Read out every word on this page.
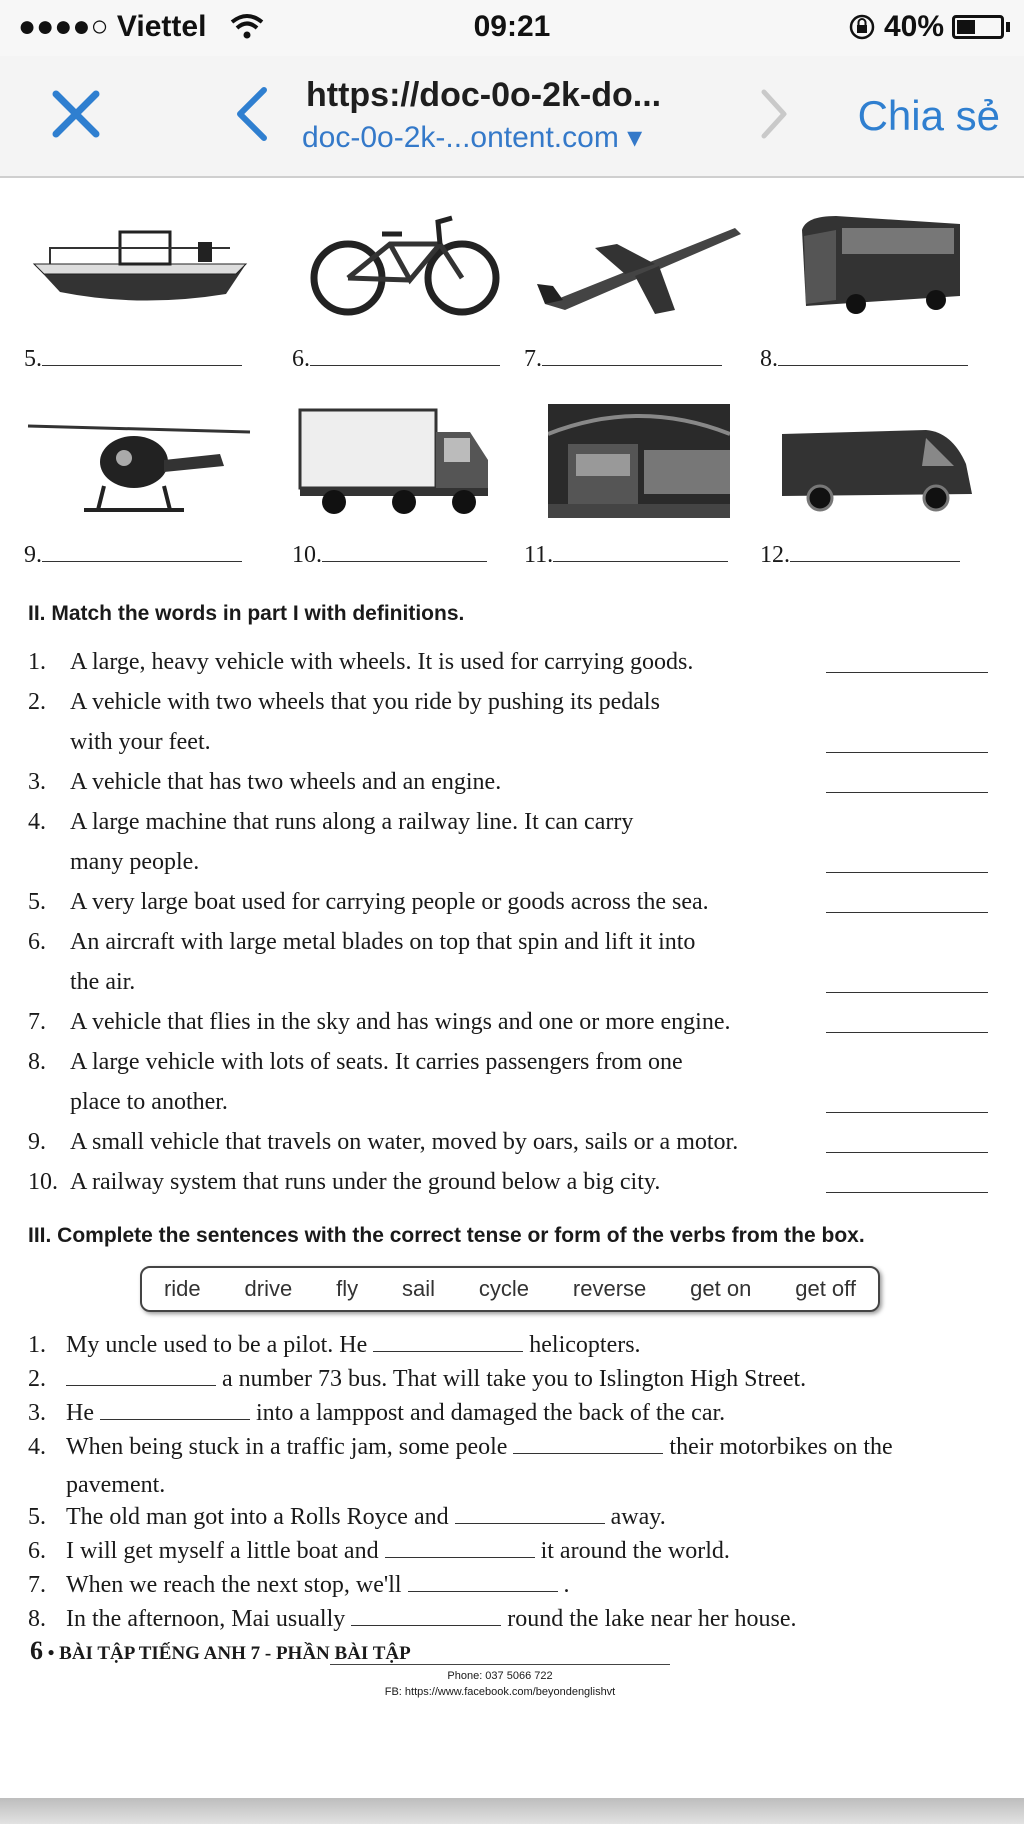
●●●●○ Viettel	09:21	40%
https://doc-0o-2k-do...
doc-0o-2k-...ontent.com ▾	Chia sẻ
5.	6.	7.	8.
9.	10.	11.	12.
II. Match the words in part I with definitions.
1.	A large, heavy vehicle with wheels. It is used for carrying goods.
2.	A vehicle with two wheels that you ride by pushing its pedals
with your feet.
3.	A vehicle that has two wheels and an engine.
4.	A large machine that runs along a railway line. It can carry
many people.
5.	A very large boat used for carrying people or goods across the sea.
6.	An aircraft with large metal blades on top that spin and lift it into
the air.
7.	A vehicle that flies in the sky and has wings and one or more engine.
8.	A large vehicle with lots of seats. It carries passengers from one
place to another.
9.	A small vehicle that travels on water, moved by oars, sails or a motor.
10. A railway system that runs under the ground below a big city.
III. Complete the sentences with the correct tense or form of the verbs from the box.
ride drive fly sail cycle reverse get on get off
1. My uncle used to be a pilot. He	helicopters.
2.	a number 73 bus. That will take you to Islington High Street.
3. He	into a lamppost and damaged the back of the car.
4. When being stuck in a traffic jam, some peole	their motorbikes on the
pavement.
5. The old man got into a Rolls Royce and	away.
6. I will get myself a little boat and	it around the world.
7. When we reach the next stop, we'll	.
8. In the afternoon, Mai usually	round the lake near her house.
6 • BÀI TẬP TIẾNG ANH 7 - PHẦN BÀI TẬP
Phone: 037 5066 722
FB: https://www.facebook.com/beyondenglishvt
